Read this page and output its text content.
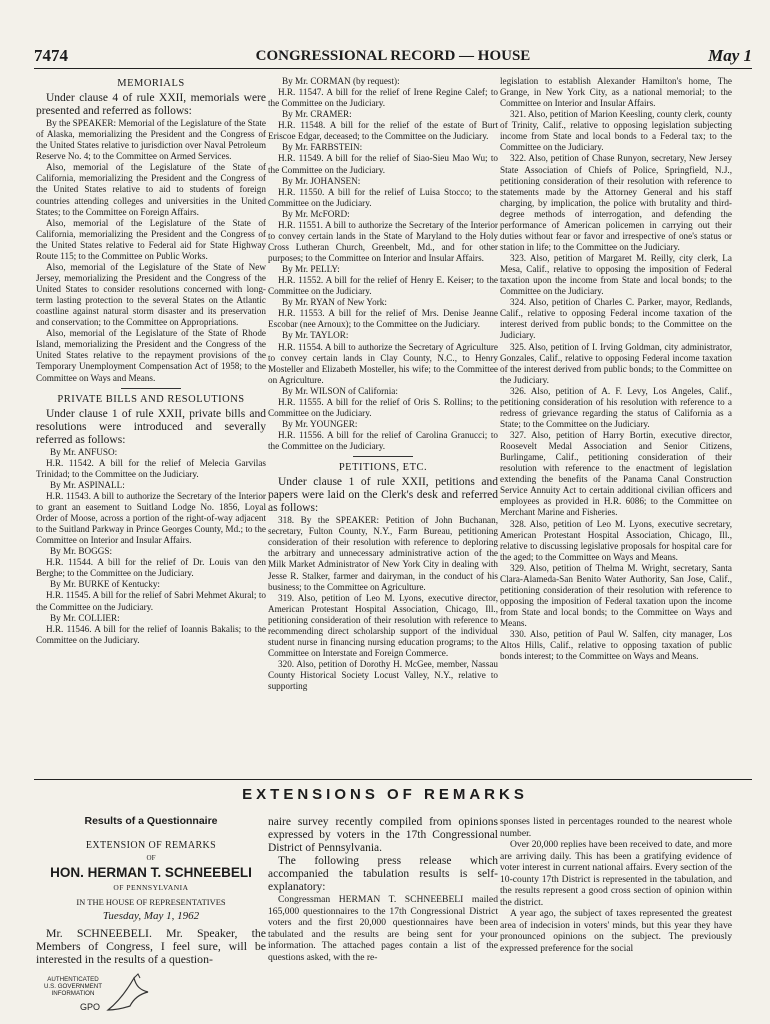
7474	CONGRESSIONAL RECORD — HOUSE	May 1
MEMORIALS

Under clause 4 of rule XXII, memorials were presented and referred as follows:

By the SPEAKER: Memorial of the Legislature of the State of Alaska, memorializing the President and the Congress of the United States relative to jurisdiction over Naval Petroleum Reserve No. 4; to the Committee on Armed Services.

Also, memorial of the Legislature of the State of California, memorializing the President and the Congress of the United States relative to aid to students of foreign countries attending colleges and universities in the United States; to the Committee on Foreign Affairs.

Also, memorial of the Legislature of the State of California, memorializing the President and the Congress of the United States relative to Federal aid for State Highway Route 115; to the Committee on Public Works.

Also, memorial of the Legislature of the State of New Jersey, memorializing the President and the Congress of the United States to consider resolutions concerned with long-term lasting protection to the several States on the Atlantic coastline against natural storm disaster and its preservation and conservation; to the Committee on Appropriations.

Also, memorial of the Legislature of the State of Rhode Island, memorializing the President and the Congress of the United States relative to the repayment provisions of the Temporary Unemployment Compensation Act of 1958; to the Committee on Ways and Means.

PRIVATE BILLS AND RESOLUTIONS

Under clause 1 of rule XXII, private bills and resolutions were introduced and severally referred as follows:

By Mr. ANFUSO:

H.R. 11542. A bill for the relief of Melecia Garvilas Trinidad; to the Committee on the Judiciary.

By Mr. ASPINALL:

H.R. 11543. A bill to authorize the Secretary of the Interior to grant an easement to Suitland Lodge No. 1856, Loyal Order of Moose, across a portion of the right-of-way adjacent to the Suitland Parkway in Prince Georges County, Md.; to the Committee on Interior and Insular Affairs.

By Mr. BOGGS:

H.R. 11544. A bill for the relief of Dr. Louis van den Berghe; to the Committee on the Judiciary.

By Mr. BURKE of Kentucky:

H.R. 11545. A bill for the relief of Sabri Mehmet Akural; to the Committee on the Judiciary.

By Mr. COLLIER:

H.R. 11546. A bill for the relief of Ioannis Bakalis; to the Committee on the Judiciary.

By Mr. CORMAN (by request):

H.R. 11547. A bill for the relief of Irene Regine Calef; to the Committee on the Judiciary.

By Mr. CRAMER:

H.R. 11548. A bill for the relief of the estate of Burt Eriscoe Edgar, deceased; to the Committee on the Judiciary.

By Mr. FARBSTEIN:

H.R. 11549. A bill for the relief of Siao-Sieu Mao Wu; to the Committee on the Judiciary.

By Mr. JOHANSEN:

H.R. 11550. A bill for the relief of Luisa Stocco; to the Committee on the Judiciary.

By Mr. McFORD:

H.R. 11551. A bill to authorize the Secretary of the Interior to convey certain lands in the State of Maryland to the Holy Cross Lutheran Church, Greenbelt, Md., and for other purposes; to the Committee on Interior and Insular Affairs.

By Mr. PELLY:

H.R. 11552. A bill for the relief of Henry E. Keiser; to the Committee on the Judiciary.

By Mr. RYAN of New York:

H.R. 11553. A bill for the relief of Mrs. Denise Jeanne Escobar (nee Arnoux); to the Committee on the Judiciary.

By Mr. TAYLOR:

H.R. 11554. A bill to authorize the Secretary of Agriculture to convey certain lands in Clay County, N.C., to Henry Mosteller and Elizabeth Mosteller, his wife; to the Committee on Agriculture.

By Mr. WILSON of California:

H.R. 11555. A bill for the relief of Oris S. Rollins; to the Committee on the Judiciary.

By Mr. YOUNGER:

H.R. 11556. A bill for the relief of Carolina Granucci; to the Committee on the Judiciary.

PETITIONS, ETC.

Under clause 1 of rule XXII, petitions and papers were laid on the Clerk's desk and referred as follows:

318. By the SPEAKER: Petition of John Buchanan, secretary, Fulton County, N.Y., Farm Bureau, petitioning consideration of their resolution with reference to deploring the arbitrary and unnecessary administrative action of the Milk Market Administrator of New York City in dealing with Jesse R. Stalker, farmer and dairyman, in the conduct of his business; to the Committee on Agriculture.

319. Also, petition of Leo M. Lyons, executive director, American Protestant Hospital Association, Chicago, Ill., petitioning consideration of their resolution with reference to recommending direct scholarship support of the individual student nurse in financing nursing education programs; to the Committee on Interstate and Foreign Commerce.

320. Also, petition of Dorothy H. McGee, member, Nassau County Historical Society Locust Valley, N.Y., relative to supporting

legislation to establish Alexander Hamilton's home, The Grange, in New York City, as a national memorial; to the Committee on Interior and Insular Affairs.

321. Also, petition of Marion Keesling, county clerk, county of Trinity, Calif., relative to opposing legislation subjecting income from State and local bonds to a Federal tax; to the Committee on the Judiciary.

322. Also, petition of Chase Runyon, secretary, New Jersey State Association of Chiefs of Police, Springfield, N.J., petitioning consideration of their resolution with reference to statements made by the Attorney General and his staff charging, by implication, the police with brutality and third-degree methods of interrogation, and defending the performance of American policemen in carrying out their duties without fear or favor and irrespective of one's status or station in life; to the Committee on the Judiciary.

323. Also, petition of Margaret M. Reilly, city clerk, La Mesa, Calif., relative to opposing the imposition of Federal taxation upon the income from State and local bonds; to the Committee on the Judiciary.

324. Also, petition of Charles C. Parker, mayor, Redlands, Calif., relative to opposing Federal income taxation of the interest derived from public bonds; to the Committee on the Judiciary.

325. Also, petition of I. Irving Goldman, city administrator, Gonzales, Calif., relative to opposing Federal income taxation of the interest derived from public bonds; to the Committee on the Judiciary.

326. Also, petition of A. F. Levy, Los Angeles, Calif., petitioning consideration of his resolution with reference to a redress of grievance regarding the status of California as a State; to the Committee on the Judiciary.

327. Also, petition of Harry Bortin, executive director, Roosevelt Medal Association and Senior Citizens, Burlingame, Calif., petitioning consideration of their resolution with reference to the enactment of legislation extending the benefits of the Panama Canal Construction Service Annuity Act to certain additional civilian officers and employees as provided in H.R. 6086; to the Committee on Merchant Marine and Fisheries.

328. Also, petition of Leo M. Lyons, executive secretary, American Protestant Hospital Association, Chicago, Ill., relative to discussing legislative proposals for hospital care for the aged; to the Committee on Ways and Means.

329. Also, petition of Thelma M. Wright, secretary, Santa Clara-Alameda-San Benito Water Authority, San Jose, Calif., petitioning consideration of their resolution with reference to opposing the imposition of Federal taxation upon the income from State and local bonds; to the Committee on Ways and Means.

330. Also, petition of Paul W. Salfen, city manager, Los Altos Hills, Calif., relative to opposing taxation of public bonds interest; to the Committee on Ways and Means.

EXTENSIONS OF REMARKS
Results of a Questionnaire
EXTENSION OF REMARKS
OF
HON. HERMAN T. SCHNEEBELI
OF PENNSYLVANIA
IN THE HOUSE OF REPRESENTATIVES
Tuesday, May 1, 1962

Mr. SCHNEEBELI. Mr. Speaker, the Members of Congress, I feel sure, will be interested in the results of a question-

naire survey recently compiled from opinions expressed by voters in the 17th Congressional District of Pennsylvania.

The following press release which accompanied the tabulation results is self-explanatory:

Congressman HERMAN T. SCHNEEBELI mailed 165,000 questionnaires to the 17th Congressional District voters and the first 20,000 questionnaires have been tabulated and the results are being sent for your information. The attached pages contain a list of the questions asked, with the re-

sponses listed in percentages rounded to the nearest whole number.

Over 20,000 replies have been received to date, and more are arriving daily. This has been a gratifying evidence of voter interest in current national affairs. Every section of the 10-county 17th District is represented in the tabulation, and the results represent a good cross section of opinion within the district.

A year ago, the subject of taxes represented the greatest area of indecision in voters' minds, but this year they have pronounced opinions on the subject. The previously expressed preference for the social

AUTHENTICATED
U.S. GOVERNMENT
INFORMATION
GPO
